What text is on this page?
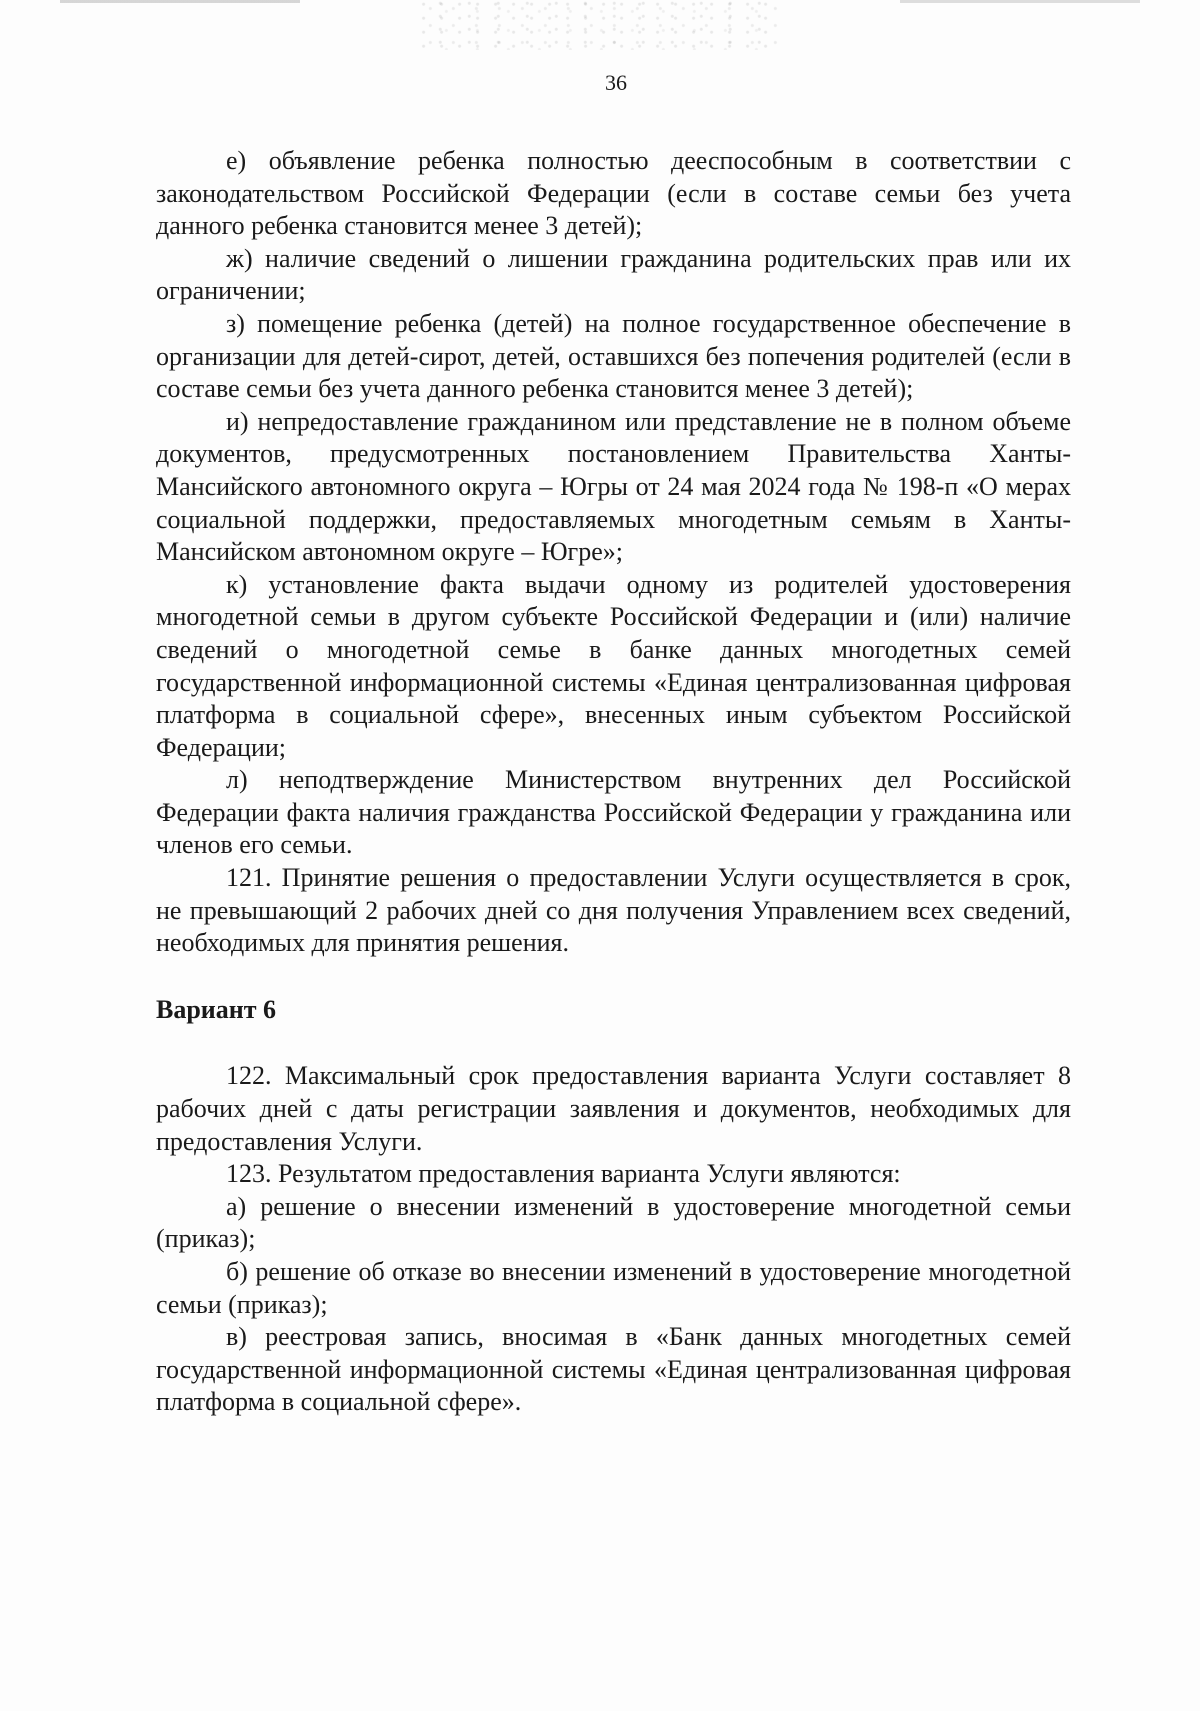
36

е) объявление ребенка полностью дееспособным в соответствии с законодательством Российской Федерации (если в составе семьи без учета данного ребенка становится менее 3 детей);

ж) наличие сведений о лишении гражданина родительских прав или их ограничении;

з) помещение ребенка (детей) на полное государственное обеспечение в организации для детей-сирот, детей, оставшихся без попечения родителей (если в составе семьи без учета данного ребенка становится менее 3 детей);

и) непредоставление гражданином или представление не в полном объеме документов, предусмотренных постановлением Правительства Ханты-Мансийского автономного округа – Югры от 24 мая 2024 года № 198-п «О мерах социальной поддержки, предоставляемых многодетным семьям в Ханты-Мансийском автономном округе – Югре»;

к) установление факта выдачи одному из родителей удостоверения многодетной семьи в другом субъекте Российской Федерации и (или) наличие сведений о многодетной семье в банке данных многодетных семей государственной информационной системы «Единая централизованная цифровая платформа в социальной сфере», внесенных иным субъектом Российской Федерации;

л) неподтверждение Министерством внутренних дел Российской Федерации факта наличия гражданства Российской Федерации у гражданина или членов его семьи.

121. Принятие решения о предоставлении Услуги осуществляется в срок, не превышающий 2 рабочих дней со дня получения Управлением всех сведений, необходимых для принятия решения.

Вариант 6

122. Максимальный срок предоставления варианта Услуги составляет 8 рабочих дней с даты регистрации заявления и документов, необходимых для предоставления Услуги.

123. Результатом предоставления варианта Услуги являются:

а) решение о внесении изменений в удостоверение многодетной семьи (приказ);

б) решение об отказе во внесении изменений в удостоверение многодетной семьи (приказ);

в) реестровая запись, вносимая в «Банк данных многодетных семей государственной информационной системы «Единая централизованная цифровая платформа в социальной сфере».
